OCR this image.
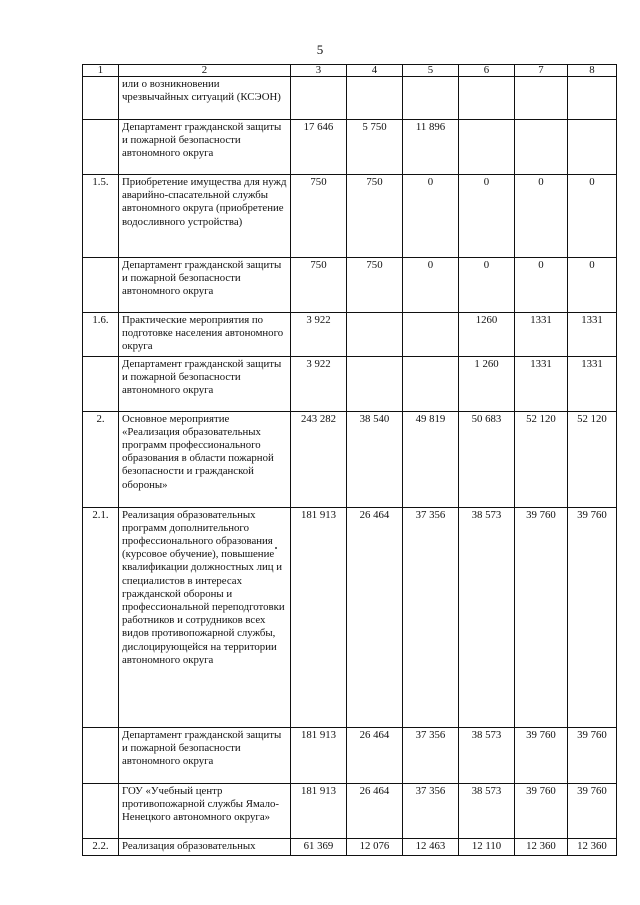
5
1	2	3	4	5	6	7	8
	или о возникновении чрезвычайных ситуаций (КСЭОН)						
	Департамент гражданской защиты и пожарной безопасности автономного округа	17 646	5 750	11 896			
1.5.	Приобретение имущества для нужд аварийно-спасательной службы автономного округа (приобретение водосливного устройства)	750	750	0	0	0	0
	Департамент гражданской защиты и пожарной безопасности автономного округа	750	750	0	0	0	0
1.6.	Практические мероприятия по подготовке населения автономного округа	3 922			1260	1331	1331
	Департамент гражданской защиты и пожарной безопасности автономного округа	3 922			1 260	1331	1331
2.	Основное мероприятие «Реализация образовательных программ профессионального образования в области пожарной безопасности и гражданской обороны»	243 282	38 540	49 819	50 683	52 120	52 120
2.1.	Реализация образовательных программ дополнительного профессионального образования (курсовое обучение), повышение квалификации должностных лиц и специалистов в интересах гражданской обороны и профессиональной переподготовки работников и сотрудников всех видов противопожарной службы, дислоцирующейся на территории автономного округа	181 913	26 464	37 356	38 573	39 760	39 760
	Департамент гражданской защиты и пожарной безопасности автономного округа	181 913	26 464	37 356	38 573	39 760	39 760
	ГОУ «Учебный центр противопожарной службы Ямало-Ненецкого автономного округа»	181 913	26 464	37 356	38 573	39 760	39 760
2.2.	Реализация образовательных	61 369	12 076	12 463	12 110	12 360	12 360
